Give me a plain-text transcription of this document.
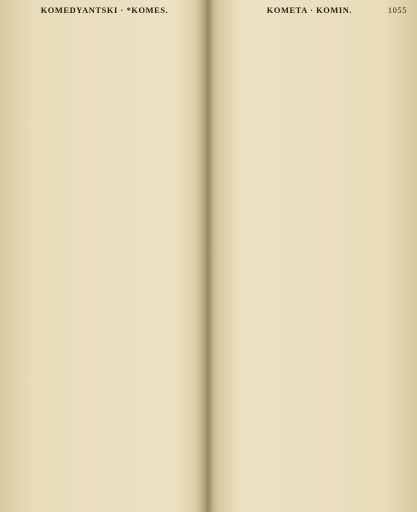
KOMEDYANTSKI · *KOMES.	KOMETA · KOMIN.	1055
